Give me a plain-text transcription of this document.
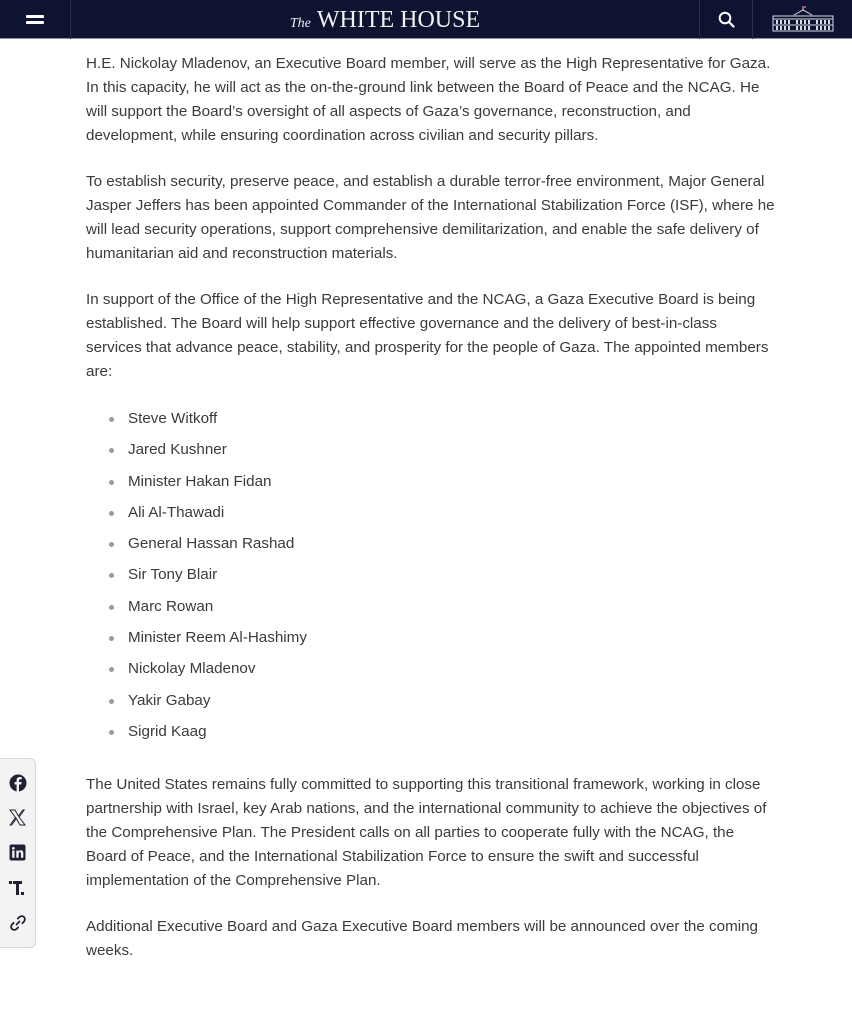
The WHITE HOUSE

H.E. Nickolay Mladenov, an Executive Board member, will serve as the High Representative for Gaza. In this capacity, he will act as the on-the-ground link between the Board of Peace and the NCAG. He will support the Board’s oversight of all aspects of Gaza’s governance, reconstruction, and development, while ensuring coordination across civilian and security pillars.

To establish security, preserve peace, and establish a durable terror-free environment, Major General Jasper Jeffers has been appointed Commander of the International Stabilization Force (ISF), where he will lead security operations, support comprehensive demilitarization, and enable the safe delivery of humanitarian aid and reconstruction materials.

In support of the Office of the High Representative and the NCAG, a Gaza Executive Board is being established. The Board will help support effective governance and the delivery of best-in-class services that advance peace, stability, and prosperity for the people of Gaza. The appointed members are:

Steve Witkoff
Jared Kushner
Minister Hakan Fidan
Ali Al-Thawadi
General Hassan Rashad
Sir Tony Blair
Marc Rowan
Minister Reem Al-Hashimy
Nickolay Mladenov
Yakir Gabay
Sigrid Kaag

The United States remains fully committed to supporting this transitional framework, working in close partnership with Israel, key Arab nations, and the international community to achieve the objectives of the Comprehensive Plan. The President calls on all parties to cooperate fully with the NCAG, the Board of Peace, and the International Stabilization Force to ensure the swift and successful implementation of the Comprehensive Plan.

Additional Executive Board and Gaza Executive Board members will be announced over the coming weeks.
